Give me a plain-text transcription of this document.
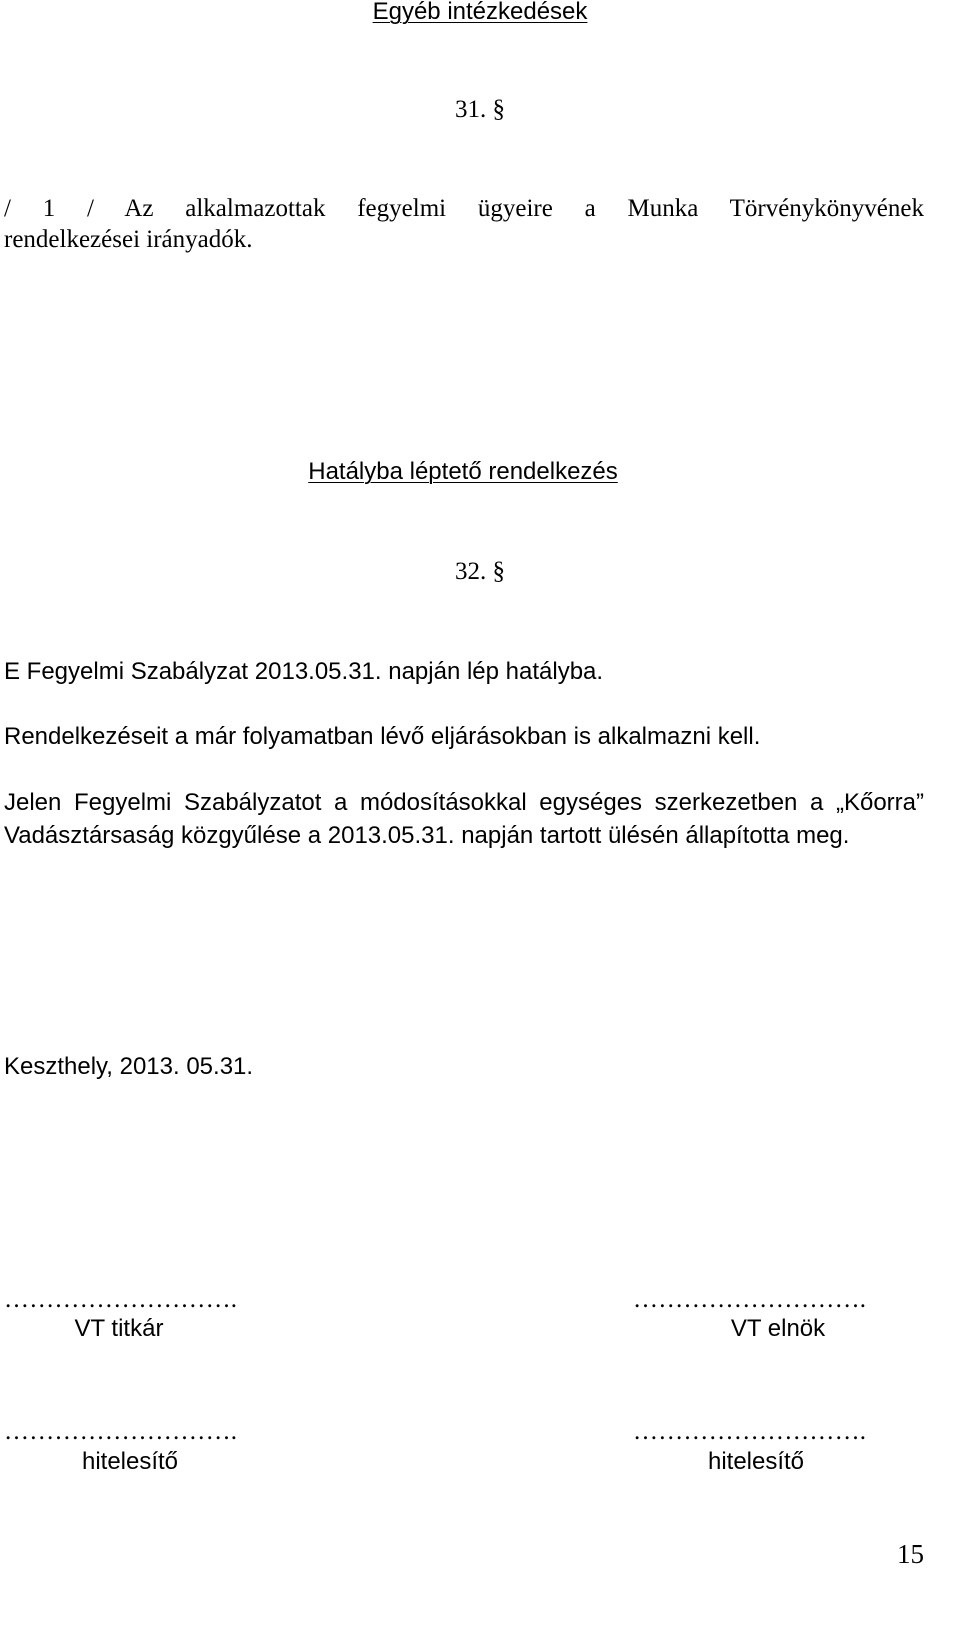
Egyéb intézkedések
31. §
/ 1 / Az alkalmazottak fegyelmi ügyeire a Munka Törvénykönyvének
rendelkezései irányadók.
Hatályba léptető rendelkezés
32. §
E Fegyelmi Szabályzat 2013.05.31. napján lép hatályba.
Rendelkezéseit a már folyamatban lévő eljárásokban is alkalmazni kell.
Jelen Fegyelmi Szabályzatot a módosításokkal egységes szerkezetben a „Kőorra”
Vadásztársaság közgyűlése a 2013.05.31. napján tartott ülésén állapította meg.
Keszthely, 2013. 05.31.
……………………….
VT titkár
……………………….
VT elnök
……………………….
hitelesítő
……………………….
hitelesítő
15
